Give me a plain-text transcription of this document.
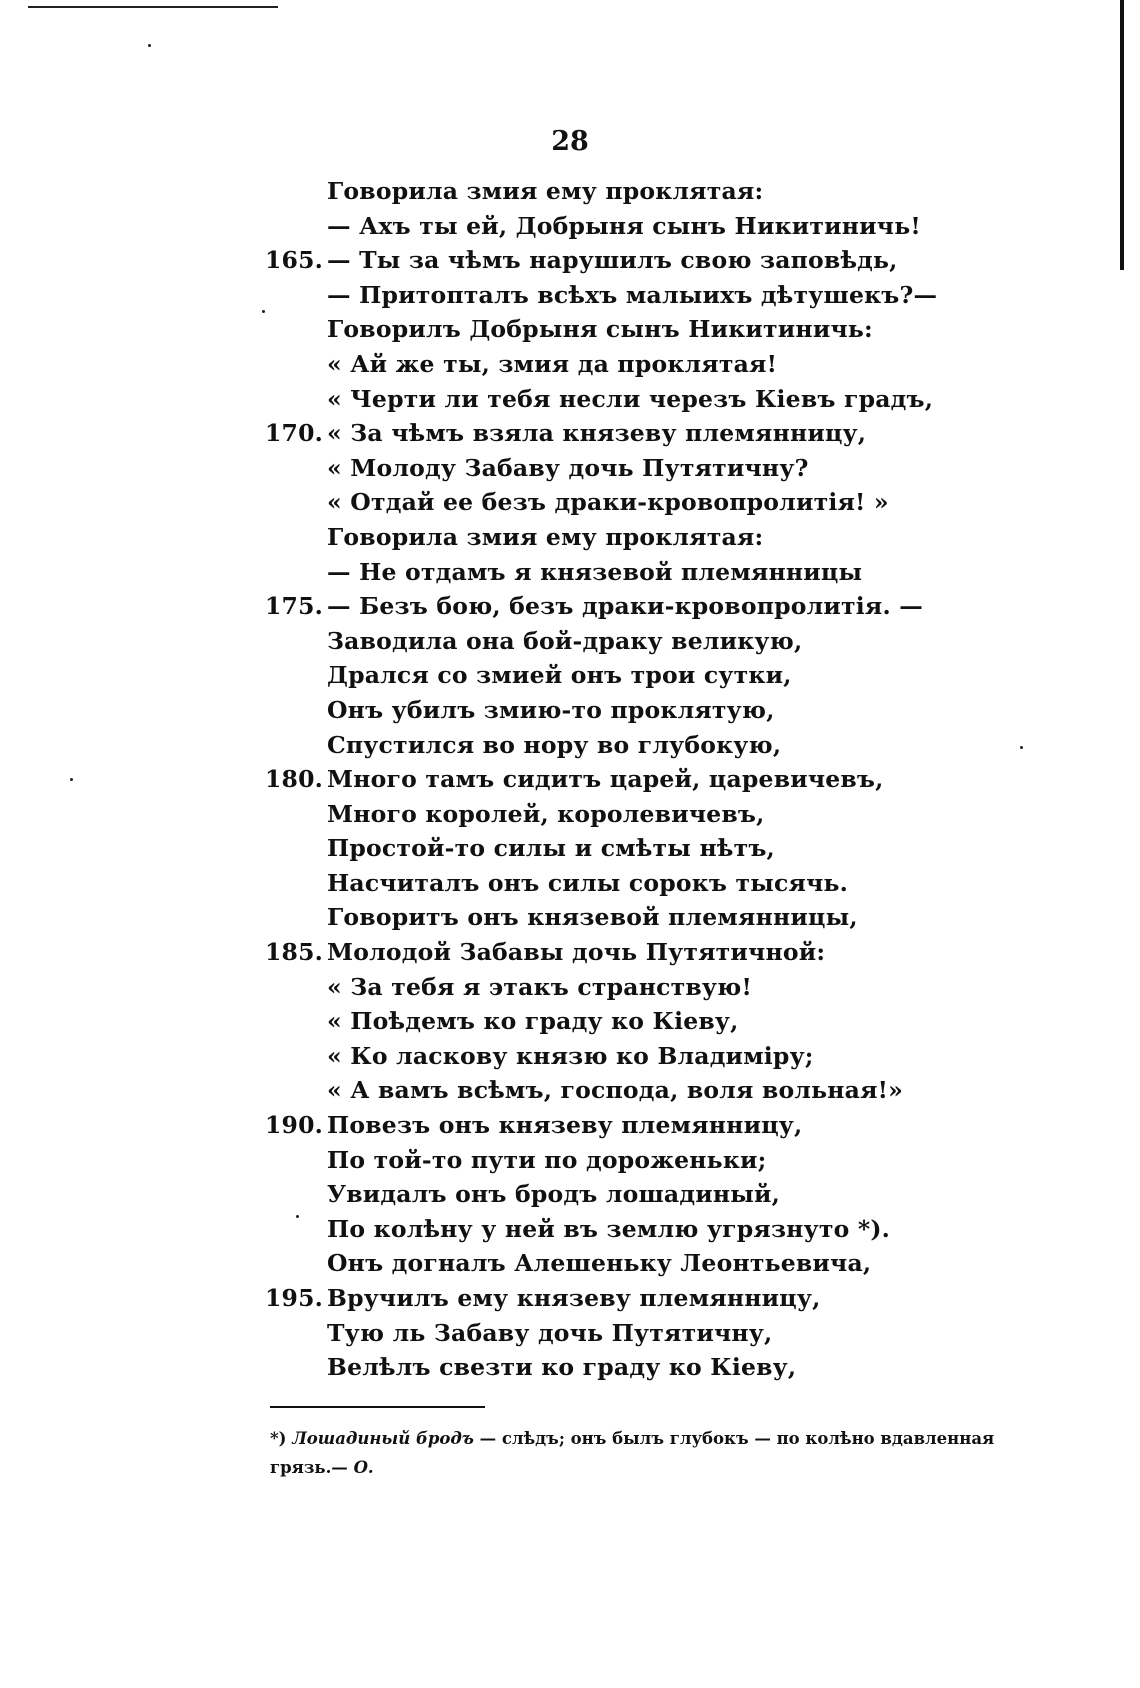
28
Говорила змия ему проклятая:
— Ахъ ты ей, Добрыня сынъ Никитиничь!
165. — Ты за чѣмъ нарушилъ свою заповѣдь,
— Притопталъ всѣхъ малыихъ дѣтушекъ?—
Говорилъ Добрыня сынъ Никитиничь:
« Ай же ты, змия да проклятая!
« Черти ли тебя несли черезъ Кіевъ градъ,
170. « За чѣмъ взяла князеву племянницу,
« Молоду Забаву дочь Путятичну?
« Отдай ее безъ драки-кровопролитія! »
Говорила змия ему проклятая:
— Не отдамъ я князевой племянницы
175. — Безъ бою, безъ драки-кровопролитія. —
Заводила она бой-драку великую,
Дрался со змией онъ трои сутки,
Онъ убилъ змию-то проклятую,
Спустился во нору во глубокую,
180. Много тамъ сидитъ царей, царевичевъ,
Много королей, королевичевъ,
Простой-то силы и смѣты нѣтъ,
Насчиталъ онъ силы сорокъ тысячь.
Говоритъ онъ князевой племянницы,
185. Молодой Забавы дочь Путятичной:
« За тебя я этакъ странствую!
« Поѣдемъ ко граду ко Кіеву,
« Ко ласкову князю ко Владиміру;
« А вамъ всѣмъ, господа, воля вольная!»
190. Повезъ онъ князеву племянницу,
По той-то пути по дороженьки;
Увидалъ онъ бродъ лошадиный,
По колѣну у ней въ землю угрязнуто *).
Онъ догналъ Алешеньку Леонтьевича,
195. Вручилъ ему князеву племянницу,
Тую ль Забаву дочь Путятичну,
Велѣлъ свезти ко граду ко Кіеву,
*) Лошадиный бродъ — слѣдъ; онъ былъ глубокъ — по колѣно вдавленная грязь.— О.
